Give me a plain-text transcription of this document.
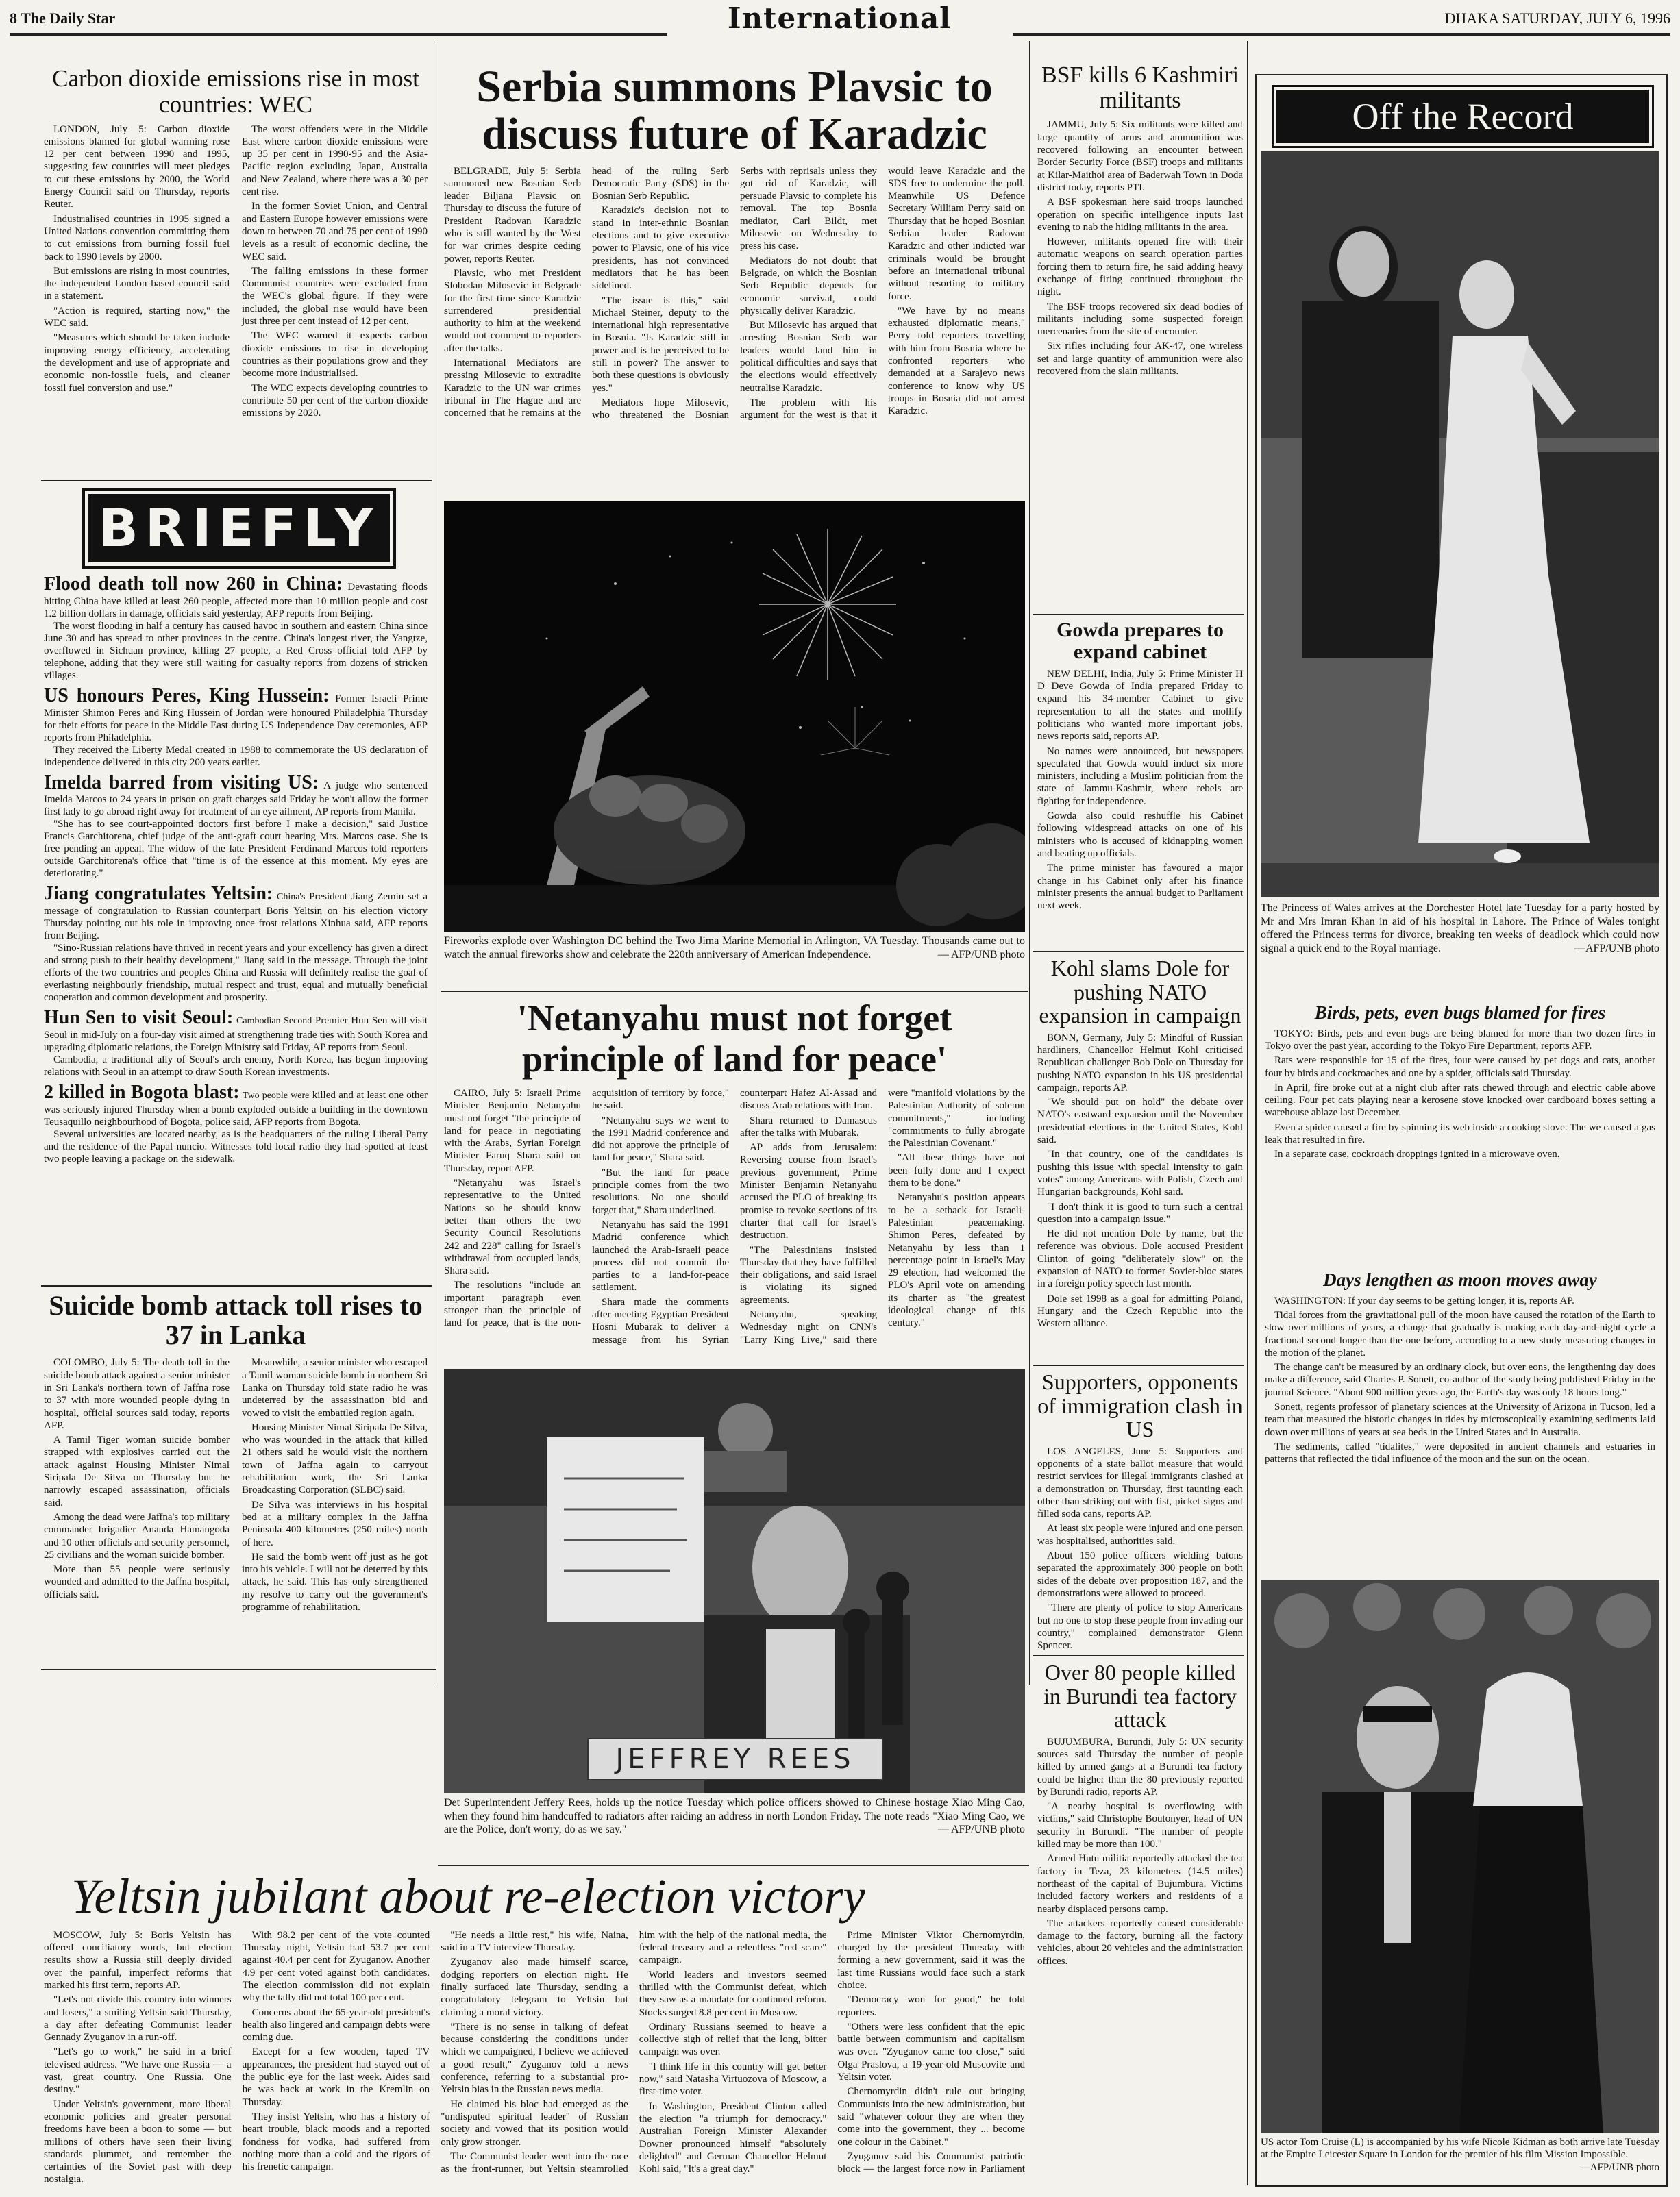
8 The Daily Star	International	DHAKA SATURDAY, JULY 6, 1996
Carbon dioxide emissions rise in most countries: WEC

LONDON, July 5: Carbon dioxide emissions blamed for global warming rose 12 per cent between 1990 and 1995, suggesting few countries will meet pledges to cut these emissions by 2000, the World Energy Council said on Thursday, reports Reuter.

Industrialised countries in 1995 signed a United Nations convention committing them to cut emissions from burning fossil fuel back to 1990 levels by 2000.

But emissions are rising in most countries, the independent London based council said in a statement.

"Action is required, starting now," the WEC said.

"Measures which should be taken include improving energy efficiency, accelerating the development and use of appropriate and economic non-fossile fuels, and cleaner fossil fuel conversion and use."

The worst offenders were in the Middle East where carbon dioxide emissions were up 35 per cent in 1990-95 and the Asia-Pacific region excluding Japan, Australia and New Zealand, where there was a 30 per cent rise.

In the former Soviet Union, and Central and Eastern Europe however emissions were down to between 70 and 75 per cent of 1990 levels as a result of economic decline, the WEC said.

The falling emissions in these former Communist countries were excluded from the WEC's global figure. If they were included, the global rise would have been just three per cent instead of 12 per cent.

The WEC warned it expects carbon dioxide emissions to rise in developing countries as their populations grow and they become more industrialised.

The WEC expects developing countries to contribute 50 per cent of the carbon dioxide emissions by 2020.

BRIEFLY
Flood death toll now 260 in China: Devastating floods hitting China have killed at least 260 people, affected more than 10 million people and cost 1.2 billion dollars in damage, officials said yesterday, AFP reports from Beijing.

The worst flooding in half a century has caused havoc in southern and eastern China since June 30 and has spread to other provinces in the centre. China's longest river, the Yangtze, overflowed in Sichuan province, killing 27 people, a Red Cross official told AFP by telephone, adding that they were still waiting for casualty reports from dozens of stricken villages.

US honours Peres, King Hussein: Former Israeli Prime Minister Shimon Peres and King Hussein of Jordan were honoured Philadelphia Thursday for their efforts for peace in the Middle East during US Independence Day ceremonies, AFP reports from Philadelphia.

They received the Liberty Medal created in 1988 to commemorate the US declaration of independence delivered in this city 200 years earlier.

Imelda barred from visiting US: A judge who sentenced Imelda Marcos to 24 years in prison on graft charges said Friday he won't allow the former first lady to go abroad right away for treatment of an eye ailment, AP reports from Manila.

"She has to see court-appointed doctors first before I make a decision," said Justice Francis Garchitorena, chief judge of the anti-graft court hearing Mrs. Marcos case. She is free pending an appeal. The widow of the late President Ferdinand Marcos told reporters outside Garchitorena's office that "time is of the essence at this moment. My eyes are deteriorating."

Jiang congratulates Yeltsin: China's President Jiang Zemin set a message of congratulation to Russian counterpart Boris Yeltsin on his election victory Thursday pointing out his role in improving once frost relations Xinhua said, AFP reports from Beijing.

"Sino-Russian relations have thrived in recent years and your excellency has given a direct and strong push to their healthy development," Jiang said in the message. Through the joint efforts of the two countries and peoples China and Russia will definitely realise the goal of everlasting neighbourly friendship, mutual respect and trust, equal and mutually beneficial cooperation and common development and prosperity.

Hun Sen to visit Seoul: Cambodian Second Premier Hun Sen will visit Seoul in mid-July on a four-day visit aimed at strengthening trade ties with South Korea and upgrading diplomatic relations, the Foreign Ministry said Friday, AP reports from Seoul.

Cambodia, a traditional ally of Seoul's arch enemy, North Korea, has begun improving relations with Seoul in an attempt to draw South Korean investments.

2 killed in Bogota blast: Two people were killed and at least one other was seriously injured Thursday when a bomb exploded outside a building in the downtown Teusaquillo neighbourhood of Bogota, police said, AFP reports from Bogota.

Several universities are located nearby, as is the headquarters of the ruling Liberal Party and the residence of the Papal nuncio. Witnesses told local radio they had spotted at least two people leaving a package on the sidewalk.

Suicide bomb attack toll rises to 37 in Lanka

COLOMBO, July 5: The death toll in the suicide bomb attack against a senior minister in Sri Lanka's northern town of Jaffna rose to 37 with more wounded people dying in hospital, official sources said today, reports AFP.

A Tamil Tiger woman suicide bomber strapped with explosives carried out the attack against Housing Minister Nimal Siripala De Silva on Thursday but he narrowly escaped assassination, officials said.

Among the dead were Jaffna's top military commander brigadier Ananda Hamangoda and 10 other officials and security personnel, 25 civilians and the woman suicide bomber.

More than 55 people were seriously wounded and admitted to the Jaffna hospital, officials said.

Meanwhile, a senior minister who escaped a Tamil woman suicide bomb in northern Sri Lanka on Thursday told state radio he was undeterred by the assassination bid and vowed to visit the embattled region again.

Housing Minister Nimal Siripala De Silva, who was wounded in the attack that killed 21 others said he would visit the northern town of Jaffna again to carryout rehabilitation work, the Sri Lanka Broadcasting Corporation (SLBC) said.

De Silva was interviews in his hospital bed at a military complex in the Jaffna Peninsula 400 kilometres (250 miles) north of here.

He said the bomb went off just as he got into his vehicle. I will not be deterred by this attack, he said. This has only strengthened my resolve to carry out the government's programme of rehabilitation.

Serbia summons Plavsic to discuss future of Karadzic

BELGRADE, July 5: Serbia summoned new Bosnian Serb leader Biljana Plavsic on Thursday to discuss the future of President Radovan Karadzic who is still wanted by the West for war crimes despite ceding power, reports Reuter.

Plavsic, who met President Slobodan Milosevic in Belgrade for the first time since Karadzic surrendered presidential authority to him at the weekend would not comment to reporters after the talks.

International Mediators are pressing Milosevic to extradite Karadzic to the UN war crimes tribunal in The Hague and are concerned that he remains at the head of the ruling Serb Democratic Party (SDS) in the Bosnian Serb Republic.

Karadzic's decision not to stand in inter-ethnic Bosnian elections and to give executive power to Plavsic, one of his vice presidents, has not convinced mediators that he has been sidelined.

"The issue is this," said Michael Steiner, deputy to the international high representative in Bosnia. "Is Karadzic still in power and is he perceived to be still in power? The answer to both these questions is obviously yes."

Mediators hope Milosevic, who threatened the Bosnian Serbs with reprisals unless they got rid of Karadzic, will persuade Plavsic to complete his removal. The top Bosnia mediator, Carl Bildt, met Milosevic on Wednesday to press his case.

Mediators do not doubt that Belgrade, on which the Bosnian Serb Republic depends for economic survival, could physically deliver Karadzic.

But Milosevic has argued that arresting Bosnian Serb war leaders would land him in political difficulties and says that the elections would effectively neutralise Karadzic.

The problem with his argument for the west is that it would leave Karadzic and the SDS free to undermine the poll. Meanwhile US Defence Secretary William Perry said on Thursday that he hoped Bosnian Serbian leader Radovan Karadzic and other indicted war criminals would be brought before an international tribunal without resorting to military force.

"We have by no means exhausted diplomatic means," Perry told reporters travelling with him from Bosnia where he confronted reporters who demanded at a Sarajevo news conference to know why US troops in Bosnia did not arrest Karadzic.

Fireworks explode over Washington DC behind the Two Jima Marine Memorial in Arlington, VA Tuesday. Thousands came out to watch the annual fireworks show and celebrate the 220th anniversary of American Independence.	— AFP/UNB photo
'Netanyahu must not forget principle of land for peace'

CAIRO, July 5: Israeli Prime Minister Benjamin Netanyahu must not forget "the principle of land for peace in negotiating with the Arabs, Syrian Foreign Minister Faruq Shara said on Thursday, report AFP.

"Netanyahu was Israel's representative to the United Nations so he should know better than others the two Security Council Resolutions 242 and 228" calling for Israel's withdrawal from occupied lands, Shara said.

The resolutions "include an important paragraph even stronger than the principle of land for peace, that is the non-acquisition of territory by force," he said.

"Netanyahu says we went to the 1991 Madrid conference and did not approve the principle of land for peace," Shara said.

"But the land for peace principle comes from the two resolutions. No one should forget that," Shara underlined.

Netanyahu has said the 1991 Madrid conference which launched the Arab-Israeli peace process did not commit the parties to a land-for-peace settlement.

Shara made the comments after meeting Egyptian President Hosni Mubarak to deliver a message from his Syrian counterpart Hafez Al-Assad and discuss Arab relations with Iran.

Shara returned to Damascus after the talks with Mubarak.

AP adds from Jerusalem: Reversing course from Israel's previous government, Prime Minister Benjamin Netanyahu accused the PLO of breaking its promise to revoke sections of its charter that call for Israel's destruction.

"The Palestinians insisted Thursday that they have fulfilled their obligations, and said Israel is violating its signed agreements.

Netanyahu, speaking Wednesday night on CNN's "Larry King Live," said there were "manifold violations by the Palestinian Authority of solemn commitments," including "commitments to fully abrogate the Palestinian Covenant."

"All these things have not been fully done and I expect them to be done."

Netanyahu's position appears to be a setback for Israeli-Palestinian peacemaking. Shimon Peres, defeated by Netanyahu by less than 1 percentage point in Israel's May 29 election, had welcomed the PLO's April vote on amending its charter as "the greatest ideological change of this century."

JEFFREY REES
Det Superintendent Jeffery Rees, holds up the notice Tuesday which police officers showed to Chinese hostage Xiao Ming Cao, when they found him handcuffed to radiators after raiding an address in north London Friday. The note reads "Xiao Ming Cao, we are the Police, don't worry, do as we say."	— AFP/UNB photo
BSF kills 6 Kashmiri militants

JAMMU, July 5: Six militants were killed and large quantity of arms and ammunition was recovered following an encounter between Border Security Force (BSF) troops and militants at Kilar-Maithoi area of Baderwah Town in Doda district today, reports PTI.

A BSF spokesman here said troops launched operation on specific intelligence inputs last evening to nab the hiding militants in the area.

However, militants opened fire with their automatic weapons on search operation parties forcing them to return fire, he said adding heavy exchange of firing continued throughout the night.

The BSF troops recovered six dead bodies of militants including some suspected foreign mercenaries from the site of encounter.

Six rifles including four AK-47, one wireless set and large quantity of ammunition were also recovered from the slain militants.

Gowda prepares to expand cabinet

NEW DELHI, India, July 5: Prime Minister H D Deve Gowda of India prepared Friday to expand his 34-member Cabinet to give representation to all the states and mollify politicians who wanted more important jobs, news reports said, reports AP.

No names were announced, but newspapers speculated that Gowda would induct six more ministers, including a Muslim politician from the state of Jammu-Kashmir, where rebels are fighting for independence.

Gowda also could reshuffle his Cabinet following widespread attacks on one of his ministers who is accused of kidnapping women and beating up officials.

The prime minister has favoured a major change in his Cabinet only after his finance minister presents the annual budget to Parliament next week.

Kohl slams Dole for pushing NATO expansion in campaign

BONN, Germany, July 5: Mindful of Russian hardliners, Chancellor Helmut Kohl criticised Republican challenger Bob Dole on Thursday for pushing NATO expansion in his US presidential campaign, reports AP.

"We should put on hold" the debate over NATO's eastward expansion until the November presidential elections in the United States, Kohl said.

"In that country, one of the candidates is pushing this issue with special intensity to gain votes" among Americans with Polish, Czech and Hungarian backgrounds, Kohl said.

"I don't think it is good to turn such a central question into a campaign issue."

He did not mention Dole by name, but the reference was obvious. Dole accused President Clinton of going "deliberately slow" on the expansion of NATO to former Soviet-bloc states in a foreign policy speech last month.

Dole set 1998 as a goal for admitting Poland, Hungary and the Czech Republic into the Western alliance.

Supporters, opponents of immigration clash in US

LOS ANGELES, June 5: Supporters and opponents of a state ballot measure that would restrict services for illegal immigrants clashed at a demonstration on Thursday, first taunting each other than striking out with fist, picket signs and filled soda cans, reports AP.

At least six people were injured and one person was hospitalised, authorities said.

About 150 police officers wielding batons separated the approximately 300 people on both sides of the debate over proposition 187, and the demonstrations were allowed to proceed.

"There are plenty of police to stop Americans but no one to stop these people from invading our country," complained demonstrator Glenn Spencer.

Over 80 people killed in Burundi tea factory attack

BUJUMBURA, Burundi, July 5: UN security sources said Thursday the number of people killed by armed gangs at a Burundi tea factory could be higher than the 80 previously reported by Burundi radio, reports AP.

"A nearby hospital is overflowing with victims," said Christophe Boutonyer, head of UN security in Burundi. "The number of people killed may be more than 100."

Armed Hutu militia reportedly attacked the tea factory in Teza, 23 kilometers (14.5 miles) northeast of the capital of Bujumbura. Victims included factory workers and residents of a nearby displaced persons camp.

The attackers reportedly caused considerable damage to the factory, burning all the factory vehicles, about 20 vehicles and the administration offices.

Off the Record
The Princess of Wales arrives at the Dorchester Hotel late Tuesday for a party hosted by Mr and Mrs Imran Khan in aid of his hospital in Lahore. The Prince of Wales tonight offered the Princess terms for divorce, breaking ten weeks of deadlock which could now signal a quick end to the Royal marriage.	—AFP/UNB photo
Birds, pets, even bugs blamed for fires

TOKYO: Birds, pets and even bugs are being blamed for more than two dozen fires in Tokyo over the past year, according to the Tokyo Fire Department, reports AFP.

Rats were responsible for 15 of the fires, four were caused by pet dogs and cats, another four by birds and cockroaches and one by a spider, officials said Thursday.

In April, fire broke out at a night club after rats chewed through and electric cable above ceiling. Four pet cats playing near a kerosene stove knocked over cardboard boxes setting a warehouse ablaze last December.

Even a spider caused a fire by spinning its web inside a cooking stove. The we caused a gas leak that resulted in fire.

In a separate case, cockroach droppings ignited in a microwave oven.

Days lengthen as moon moves away

WASHINGTON: If your day seems to be getting longer, it is, reports AP.

Tidal forces from the gravitational pull of the moon have caused the rotation of the Earth to slow over millions of years, a change that gradually is making each day-and-night cycle a fractional second longer than the one before, according to a new study measuring changes in the motion of the planet.

The change can't be measured by an ordinary clock, but over eons, the lengthening day does make a difference, said Charles P. Sonett, co-author of the study being published Friday in the journal Science. "About 900 million years ago, the Earth's day was only 18 hours long."

Sonett, regents professor of planetary sciences at the University of Arizona in Tucson, led a team that measured the historic changes in tides by microscopically examining sediments laid down over millions of years at sea beds in the United States and in Australia.

The sediments, called "tidalites," were deposited in ancient channels and estuaries in patterns that reflected the tidal influence of the moon and the sun on the ocean.

US actor Tom Cruise (L) is accompanied by his wife Nicole Kidman as both arrive late Tuesday at the Empire Leicester Square in London for the premier of his film Mission Impossible.
—AFP/UNB photo
Yeltsin jubilant about re-election victory

MOSCOW, July 5: Boris Yeltsin has offered conciliatory words, but election results show a Russia still deeply divided over the painful, imperfect reforms that marked his first term, reports AP.

"Let's not divide this country into winners and losers," a smiling Yeltsin said Thursday, a day after defeating Communist leader Gennady Zyuganov in a run-off.

"Let's go to work," he said in a brief televised address. "We have one Russia — a vast, great country. One Russia. One destiny."

Under Yeltsin's government, more liberal economic policies and greater personal freedoms have been a boon to some — but millions of others have seen their living standards plummet, and remember the certainties of the Soviet past with deep nostalgia.

With 98.2 per cent of the vote counted Thursday night, Yeltsin had 53.7 per cent against 40.4 per cent for Zyuganov. Another 4.9 per cent voted against both candidates. The election commission did not explain why the tally did not total 100 per cent.

Concerns about the 65-year-old president's health also lingered and campaign debts were coming due.

Except for a few wooden, taped TV appearances, the president had stayed out of the public eye for the last week. Aides said he was back at work in the Kremlin on Thursday.

They insist Yeltsin, who has a history of heart trouble, black moods and a reported fondness for vodka, had suffered from nothing more than a cold and the rigors of his frenetic campaign.

"He needs a little rest," his wife, Naina, said in a TV interview Thursday.

Zyuganov also made himself scarce, dodging reporters on election night. He finally surfaced late Thursday, sending a congratulatory telegram to Yeltsin but claiming a moral victory.

"There is no sense in talking of defeat because considering the conditions under which we campaigned, I believe we achieved a good result," Zyuganov told a news conference, referring to a substantial pro-Yeltsin bias in the Russian news media.

He claimed his bloc had emerged as the "undisputed spiritual leader" of Russian society and vowed that its position would only grow stronger.

The Communist leader went into the race as the front-runner, but Yeltsin steamrolled him with the help of the national media, the federal treasury and a relentless "red scare" campaign.

World leaders and investors seemed thrilled with the Communist defeat, which they saw as a mandate for continued reform. Stocks surged 8.8 per cent in Moscow.

Ordinary Russians seemed to heave a collective sigh of relief that the long, bitter campaign was over.

"I think life in this country will get better now," said Natasha Virtuozova of Moscow, a first-time voter.

In Washington, President Clinton called the election "a triumph for democracy." Australian Foreign Minister Alexander Downer pronounced himself "absolutely delighted" and German Chancellor Helmut Kohl said, "It's a great day."

Prime Minister Viktor Chernomyrdin, charged by the president Thursday with forming a new government, said it was the last time Russians would face such a stark choice.

"Democracy won for good," he told reporters.

"Others were less confident that the epic battle between communism and capitalism was over. "Zyuganov came too close," said Olga Praslova, a 19-year-old Muscovite and Yeltsin voter.

Chernomyrdin didn't rule out bringing Communists into the new administration, but said "whatever colour they are when they come into the government, they ... become one colour in the Cabinet."

Zyuganov said his Communist patriotic block — the largest force now in Parliament
